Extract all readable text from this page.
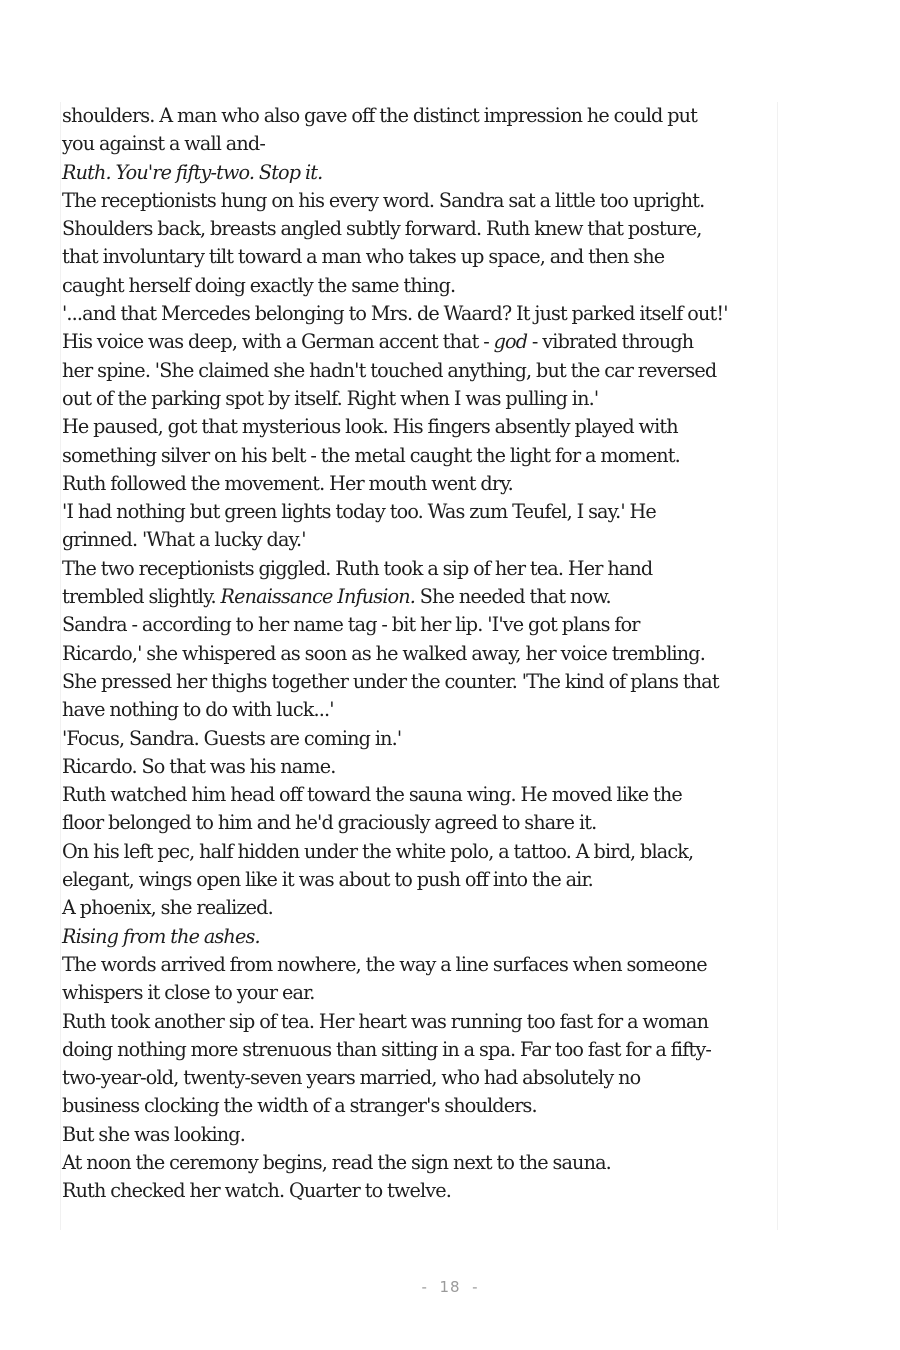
shoulders. A man who also gave off the distinct impression he could put
you against a wall and-
Ruth. You're fifty-two. Stop it.
The receptionists hung on his every word. Sandra sat a little too upright.
Shoulders back, breasts angled subtly forward. Ruth knew that posture,
that involuntary tilt toward a man who takes up space, and then she
caught herself doing exactly the same thing.
'...and that Mercedes belonging to Mrs. de Waard? It just parked itself out!'
His voice was deep, with a German accent that - god - vibrated through
her spine. 'She claimed she hadn't touched anything, but the car reversed
out of the parking spot by itself. Right when I was pulling in.'
He paused, got that mysterious look. His fingers absently played with
something silver on his belt - the metal caught the light for a moment.
Ruth followed the movement. Her mouth went dry.
'I had nothing but green lights today too. Was zum Teufel, I say.' He
grinned. 'What a lucky day.'
The two receptionists giggled. Ruth took a sip of her tea. Her hand
trembled slightly. Renaissance Infusion. She needed that now.
Sandra - according to her name tag - bit her lip. 'I've got plans for
Ricardo,' she whispered as soon as he walked away, her voice trembling.
She pressed her thighs together under the counter. 'The kind of plans that
have nothing to do with luck...'
'Focus, Sandra. Guests are coming in.'
Ricardo. So that was his name.
Ruth watched him head off toward the sauna wing. He moved like the
floor belonged to him and he'd graciously agreed to share it.
On his left pec, half hidden under the white polo, a tattoo. A bird, black,
elegant, wings open like it was about to push off into the air.
A phoenix, she realized.
Rising from the ashes.
The words arrived from nowhere, the way a line surfaces when someone
whispers it close to your ear.
Ruth took another sip of tea. Her heart was running too fast for a woman
doing nothing more strenuous than sitting in a spa. Far too fast for a fifty-
two-year-old, twenty-seven years married, who had absolutely no
business clocking the width of a stranger's shoulders.
But she was looking.
At noon the ceremony begins, read the sign next to the sauna.
Ruth checked her watch. Quarter to twelve.
-  18  -
